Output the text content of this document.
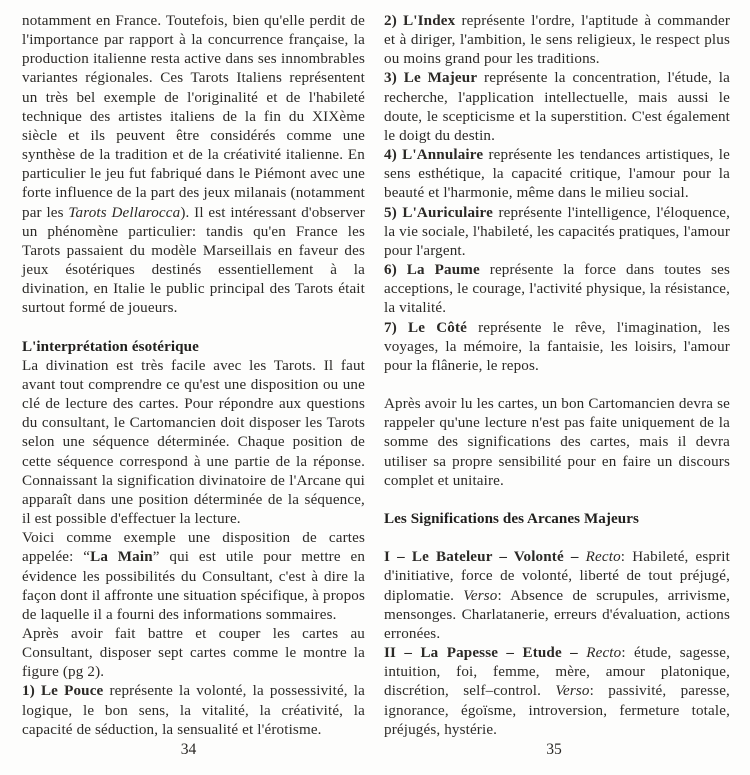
notamment en France. Toutefois, bien qu'elle perdit de l'importance par rapport à la concurrence française, la production italienne resta active dans ses innombrables variantes régionales. Ces Tarots Italiens représentent un très bel exemple de l'originalité et de l'habileté technique des artistes italiens de la fin du XIXème siècle et ils peuvent être considérés comme une synthèse de la tradition et de la créativité italienne. En particulier le jeu fut fabriqué dans le Piémont avec une forte influence de la part des jeux milanais (notamment par les Tarots Dellarocca). Il est intéressant d'observer un phénomène particulier: tandis qu'en France les Tarots passaient du modèle Marseillais en faveur des jeux ésotériques destinés essentiellement à la divination, en Italie le public principal des Tarots était surtout formé de joueurs.

L'interprétation ésotérique

La divination est très facile avec les Tarots. Il faut avant tout comprendre ce qu'est une disposition ou une clé de lecture des cartes. Pour répondre aux questions du consultant, le Cartomancien doit disposer les Tarots selon une séquence déterminée. Chaque position de cette séquence correspond à une partie de la réponse. Connaissant la signification divinatoire de l'Arcane qui apparaît dans une position déterminée de la séquence, il est possible d'effectuer la lecture.

Voici comme exemple une disposition de cartes appelée: “La Main” qui est utile pour mettre en évidence les possibilités du Consultant, c'est à dire la façon dont il affronte une situation spécifique, à propos de laquelle il a fourni des informations sommaires.

Après avoir fait battre et couper les cartes au Consultant, disposer sept cartes comme le montre la figure (pg 2).

1) Le Pouce représente la volonté, la possessivité, la logique, le bon sens, la vitalité, la créativité, la capacité de séduction, la sensualité et l'érotisme.

34

2) L'Index représente l'ordre, l'aptitude à commander et à diriger, l'ambition, le sens religieux, le respect plus ou moins grand pour les traditions.

3) Le Majeur représente la concentration, l'étude, la recherche, l'application intellectuelle, mais aussi le doute, le scepticisme et la superstition. C'est également le doigt du destin.

4) L'Annulaire représente les tendances artistiques, le sens esthétique, la capacité critique, l'amour pour la beauté et l'harmonie, même dans le milieu social.

5) L'Auriculaire représente l'intelligence, l'éloquence, la vie sociale, l'habileté, les capacités pratiques, l'amour pour l'argent.

6) La Paume représente la force dans toutes ses acceptions, le courage, l'activité physique, la résistance, la vitalité.

7) Le Côté représente le rêve, l'imagination, les voyages, la mémoire, la fantaisie, les loisirs, l'amour pour la flânerie, le repos.

Après avoir lu les cartes, un bon Cartomancien devra se rappeler qu'une lecture n'est pas faite uniquement de la somme des significations des cartes, mais il devra utiliser sa propre sensibilité pour en faire un discours complet et unitaire.

Les Significations des Arcanes Majeurs

I – Le Bateleur – Volonté – Recto: Habileté, esprit d'initiative, force de volonté, liberté de tout préjugé, diplomatie. Verso: Absence de scrupules, arrivisme, mensonges. Charlatanerie, erreurs d'évaluation, actions erronées.

II – La Papesse – Etude – Recto: étude, sagesse, intuition, foi, femme, mère, amour platonique, discrétion, self–control. Verso: passivité, paresse, ignorance, égoïsme, introversion, fermeture totale, préjugés, hystérie.

35
